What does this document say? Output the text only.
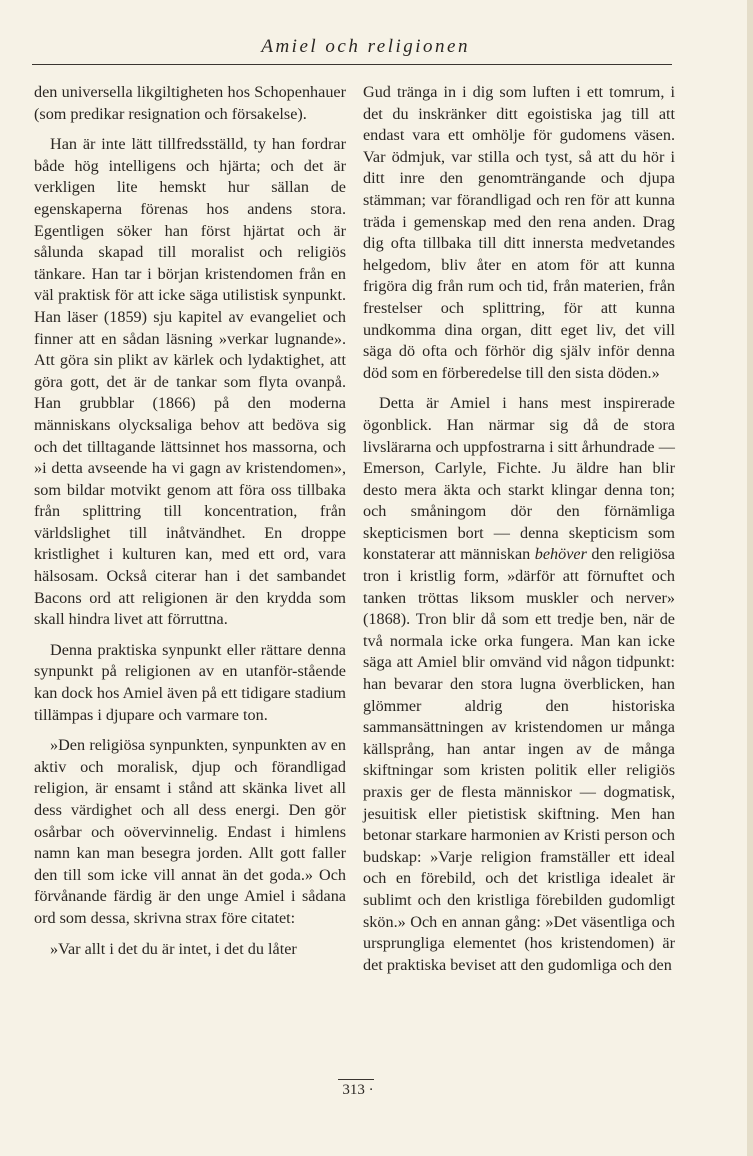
Amiel och religionen

den universella likgiltigheten hos Schopenhauer (som predikar resignation och försakelse).

Han är inte lätt tillfredsställd, ty han fordrar både hög intelligens och hjärta; och det är verkligen lite hemskt hur sällan de egenskaperna förenas hos andens stora. Egentligen söker han först hjärtat och är sålunda skapad till moralist och religiös tänkare. Han tar i början kristendomen från en väl praktisk för att icke säga utilistisk synpunkt. Han läser (1859) sju kapitel av evangeliet och finner att en sådan läsning »verkar lugnande». Att göra sin plikt av kärlek och lydaktighet, att göra gott, det är de tankar som flyta ovanpå. Han grubblar (1866) på den moderna människans olycksaliga behov att bedöva sig och det tilltagande lättsinnet hos massorna, och »i detta avseende ha vi gagn av kristendomen», som bildar motvikt genom att föra oss tillbaka från splittring till koncentration, från världslighet till inåtvändhet. En droppe kristlighet i kulturen kan, med ett ord, vara hälsosam. Också citerar han i det sambandet Bacons ord att religionen är den krydda som skall hindra livet att förruttna.

Denna praktiska synpunkt eller rättare denna synpunkt på religionen av en utanför-stående kan dock hos Amiel även på ett tidigare stadium tillämpas i djupare och varmare ton.

»Den religiösa synpunkten, synpunkten av en aktiv och moralisk, djup och förandligad religion, är ensamt i stånd att skänka livet all dess värdighet och all dess energi. Den gör osårbar och oövervinnelig. Endast i himlens namn kan man besegra jorden. Allt gott faller den till som icke vill annat än det goda.» Och förvånande färdig är den unge Amiel i sådana ord som dessa, skrivna strax före citatet:

»Var allt i det du är intet, i det du låter

Gud tränga in i dig som luften i ett tomrum, i det du inskränker ditt egoistiska jag till att endast vara ett omhölje för gudomens väsen. Var ödmjuk, var stilla och tyst, så att du hör i ditt inre den genomträngande och djupa stämman; var förandligad och ren för att kunna träda i gemenskap med den rena anden. Drag dig ofta tillbaka till ditt innersta medvetandes helgedom, bliv åter en atom för att kunna frigöra dig från rum och tid, från materien, från frestelser och splittring, för att kunna undkomma dina organ, ditt eget liv, det vill säga dö ofta och förhör dig själv inför denna död som en förberedelse till den sista döden.»

Detta är Amiel i hans mest inspirerade ögonblick. Han närmar sig då de stora livslärarna och uppfostrarna i sitt århundrade — Emerson, Carlyle, Fichte. Ju äldre han blir desto mera äkta och starkt klingar denna ton; och småningom dör den förnämliga skepticismen bort — denna skepticism som konstaterar att människan behöver den religiösa tron i kristlig form, »därför att förnuftet och tanken tröttas liksom muskler och nerver» (1868). Tron blir då som ett tredje ben, när de två normala icke orka fungera. Man kan icke säga att Amiel blir omvänd vid någon tidpunkt: han bevarar den stora lugna överblicken, han glömmer aldrig den historiska sammansättningen av kristendomen ur många källsprång, han antar ingen av de många skiftningar som kristen politik eller religiös praxis ger de flesta människor — dogmatisk, jesuitisk eller pietistisk skiftning. Men han betonar starkare harmonien av Kristi person och budskap: »Varje religion framställer ett ideal och en förebild, och det kristliga idealet är sublimt och den kristliga förebilden gudomligt skön.» Och en annan gång: »Det väsentliga och ursprungliga elementet (hos kristendomen) är det praktiska beviset att den gudomliga och den

313 ·
